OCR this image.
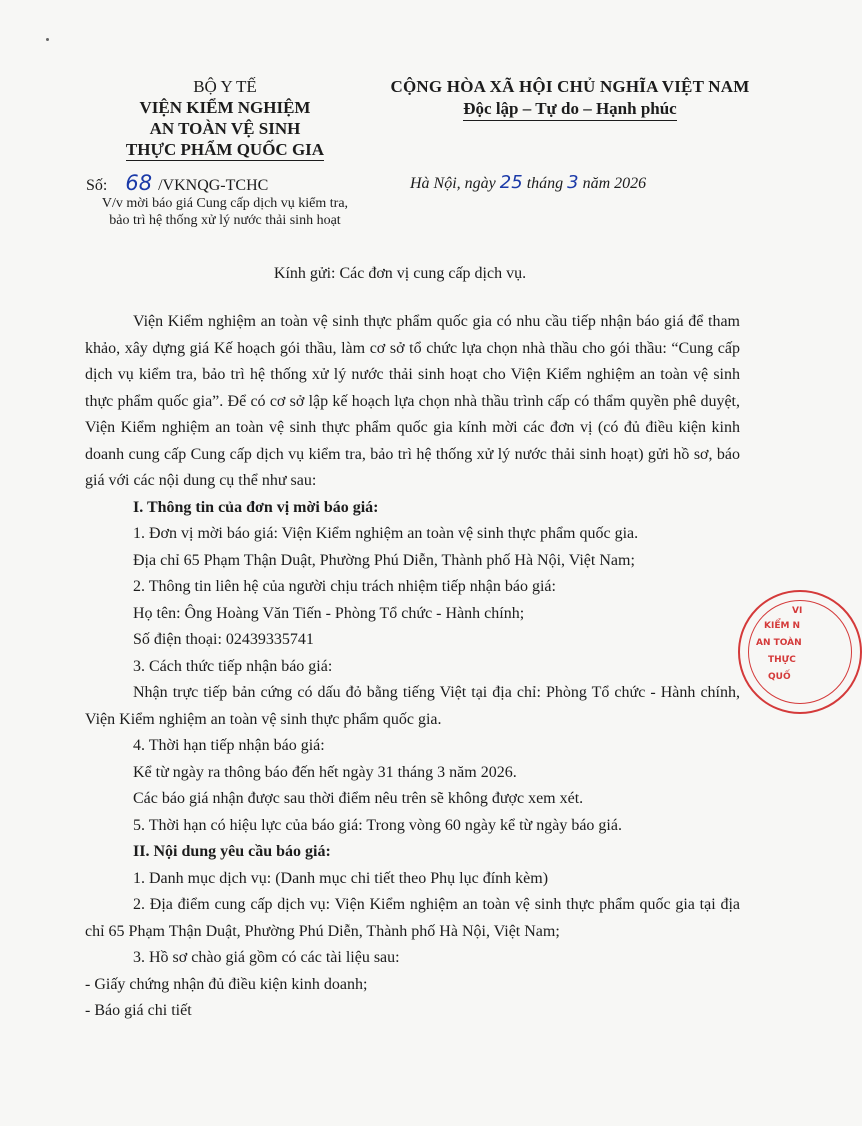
BỘ Y TẾ
VIỆN KIỂM NGHIỆM
AN TOÀN VỆ SINH
THỰC PHẨM QUỐC GIA
CỘNG HÒA XÃ HỘI CHỦ NGHĨA VIỆT NAM
Độc lập – Tự do – Hạnh phúc
Số: 68 /VKNQG-TCHC
V/v mời báo giá Cung cấp dịch vụ kiểm tra,
bảo trì hệ thống xử lý nước thải sinh hoạt
Hà Nội, ngày 25 tháng 3 năm 2026
Kính gửi: Các đơn vị cung cấp dịch vụ.

Viện Kiểm nghiệm an toàn vệ sinh thực phẩm quốc gia có nhu cầu tiếp nhận báo giá để tham khảo, xây dựng giá Kế hoạch gói thầu, làm cơ sở tổ chức lựa chọn nhà thầu cho gói thầu: “Cung cấp dịch vụ kiểm tra, bảo trì hệ thống xử lý nước thải sinh hoạt cho Viện Kiểm nghiệm an toàn vệ sinh thực phẩm quốc gia”. Để có cơ sở lập kế hoạch lựa chọn nhà thầu trình cấp có thẩm quyền phê duyệt, Viện Kiểm nghiệm an toàn vệ sinh thực phẩm quốc gia kính mời các đơn vị (có đủ điều kiện kinh doanh cung cấp Cung cấp dịch vụ kiểm tra, bảo trì hệ thống xử lý nước thải sinh hoạt) gửi hồ sơ, báo giá với các nội dung cụ thể như sau:

I. Thông tin của đơn vị mời báo giá:

1. Đơn vị mời báo giá: Viện Kiểm nghiệm an toàn vệ sinh thực phẩm quốc gia.

Địa chỉ 65 Phạm Thận Duật, Phường Phú Diễn, Thành phố Hà Nội, Việt Nam;

2. Thông tin liên hệ của người chịu trách nhiệm tiếp nhận báo giá:

Họ tên: Ông Hoàng Văn Tiến - Phòng Tổ chức - Hành chính;

Số điện thoại: 02439335741

3. Cách thức tiếp nhận báo giá:

Nhận trực tiếp bản cứng có dấu đỏ bằng tiếng Việt tại địa chỉ: Phòng Tổ chức - Hành chính, Viện Kiểm nghiệm an toàn vệ sinh thực phẩm quốc gia.

4. Thời hạn tiếp nhận báo giá:

Kể từ ngày ra thông báo đến hết ngày 31 tháng 3 năm 2026.

Các báo giá nhận được sau thời điểm nêu trên sẽ không được xem xét.

5. Thời hạn có hiệu lực của báo giá: Trong vòng 60 ngày kể từ ngày báo giá.

II. Nội dung yêu cầu báo giá:

1. Danh mục dịch vụ: (Danh mục chi tiết theo Phụ lục đính kèm)

2. Địa điểm cung cấp dịch vụ: Viện Kiểm nghiệm an toàn vệ sinh thực phẩm quốc gia tại địa chỉ 65 Phạm Thận Duật, Phường Phú Diễn, Thành phố Hà Nội, Việt Nam;

3. Hồ sơ chào giá gồm có các tài liệu sau:

- Giấy chứng nhận đủ điều kiện kinh doanh;

- Báo giá chi tiết

VI
KIỂM N
AN TOÀN
THỰC
QUỐ
